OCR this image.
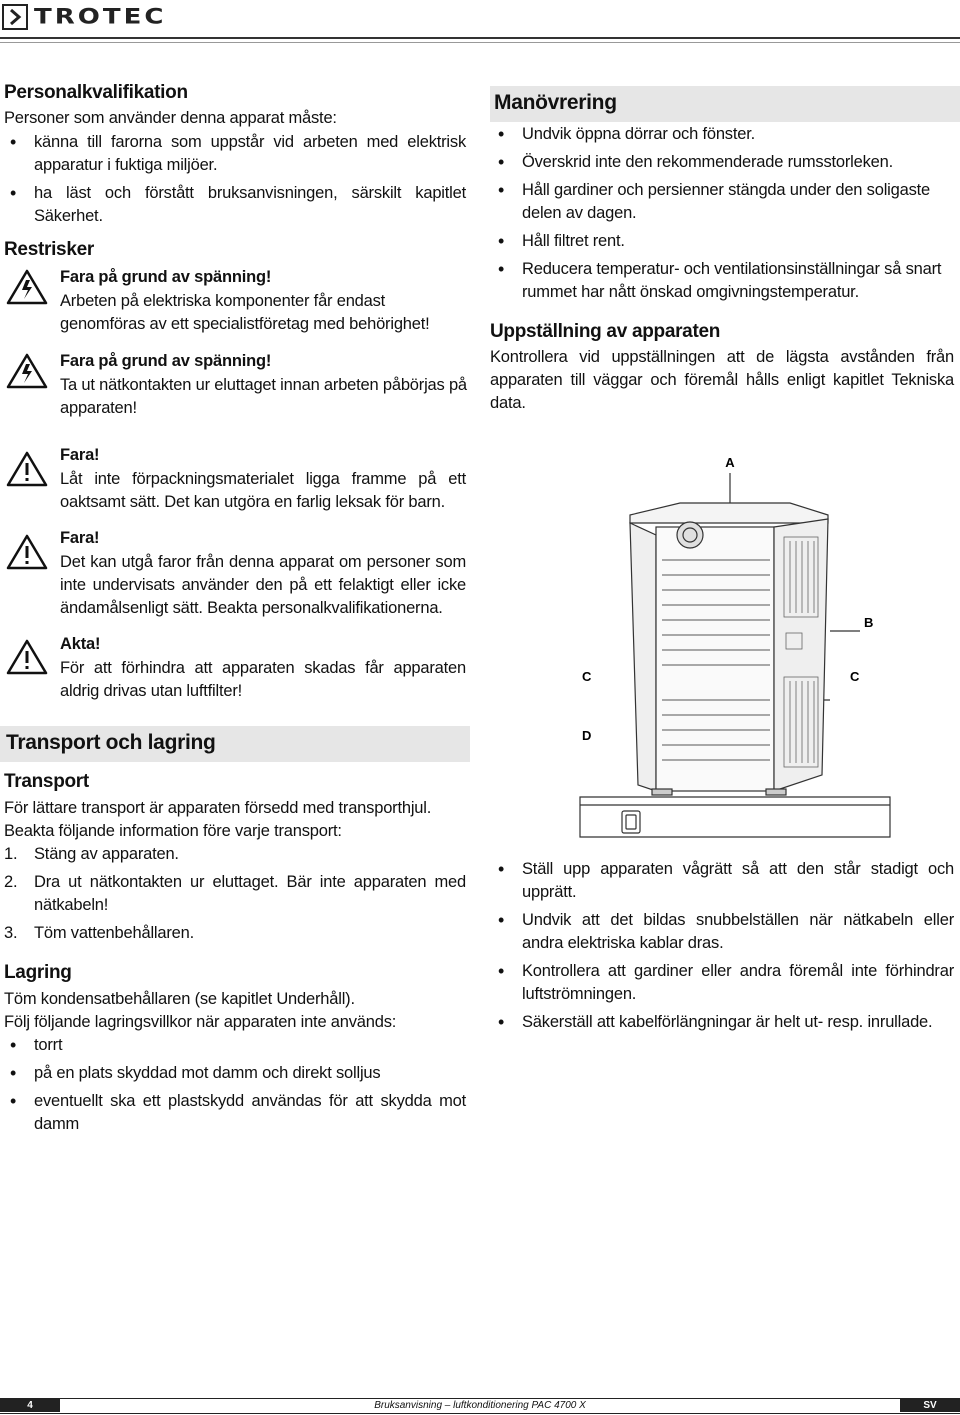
TROTEC
Personalkvalifikation
Personer som använder denna apparat måste:
• känna till farorna som uppstår vid arbeten med elektrisk apparatur i fuktiga miljöer.
• ha läst och förstått bruksanvisningen, särskilt kapitlet Säkerhet.
Restrisker
Fara på grund av spänning!
Arbeten på elektriska komponenter får endast genomföras av ett specialistföretag med behörighet!
Fara på grund av spänning!
Ta ut nätkontakten ur eluttaget innan arbeten påbörjas på apparaten!
Fara!
Låt inte förpackningsmaterialet ligga framme på ett oaktsamt sätt. Det kan utgöra en farlig leksak för barn.
Fara!
Det kan utgå faror från denna apparat om personer som inte undervisats använder den på ett felaktigt eller icke ändamålsenligt sätt. Beakta personalkvalifikationerna.
Akta!
För att förhindra att apparaten skadas får apparaten aldrig drivas utan luftfilter!
Transport och lagring
Transport
För lättare transport är apparaten försedd med transporthjul.
Beakta följande information före varje transport:
1. Stäng av apparaten.
2. Dra ut nätkontakten ur eluttaget. Bär inte apparaten med nätkabeln!
3. Töm vattenbehållaren.
Lagring
Töm kondensatbehållaren (se kapitlet Underhåll).
Följ följande lagringsvillkor när apparaten inte används:
• torrt
• på en plats skyddad mot damm och direkt solljus
• eventuellt ska ett plastskydd användas för att skydda mot damm
Manövrering
• Undvik öppna dörrar och fönster.
• Överskrid inte den rekommenderade rumsstorleken.
• Håll gardiner och persienner stängda under den soligaste delen av dagen.
• Håll filtret rent.
• Reducera temperatur- och ventilationsinställningar så snart rummet har nått önskad omgivningstemperatur.
Uppställning av apparaten
Kontrollera vid uppställningen att de lägsta avstånden från apparaten till väggar och föremål hålls enligt kapitlet Tekniska data.
A
B
C	C
D
• Ställ upp apparaten vågrätt så att den står stadigt och upprätt.
• Undvik att det bildas snubbelställen när nätkabeln eller andra elektriska kablar dras.
• Kontrollera att gardiner eller andra föremål inte förhindrar luftströmningen.
• Säkerställ att kabelförlängningar är helt ut- resp. inrullade.
4	Bruksanvisning – luftkonditionering PAC 4700 X	SV
